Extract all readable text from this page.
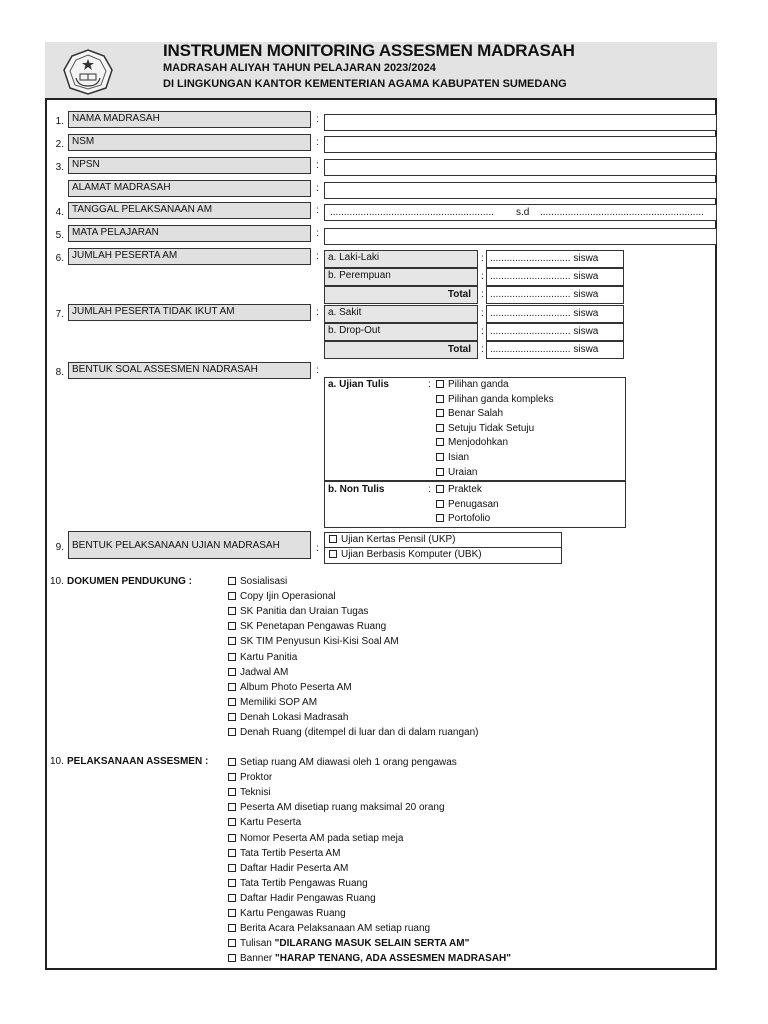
INSTRUMEN MONITORING ASSESMEN MADRASAH
MADRASAH ALIYAH TAHUN PELAJARAN 2023/2024
DI LINGKUNGAN KANTOR KEMENTERIAN AGAMA KABUPATEN SUMEDANG
1. NAMA MADRASAH	:
2. NSM	:
3. NPSN	:
ALAMAT MADRASAH	:
4. TANGGAL PELAKSANAAN AM	: ........................................................... s.d ...........................................................
5. MATA PELAJARAN	:
6. JUMLAH PESERTA AM	: a. Laki-Laki	: ............................. siswa
b. Perempuan	: ............................. siswa
Total	: ............................. siswa
7. JUMLAH PESERTA TIDAK IKUT AM	: a. Sakit	: ............................. siswa
b. Drop-Out	: ............................. siswa
Total	: ............................. siswa
8. BENTUK SOAL ASSESMEN NADRASAH	:
a. Ujian Tulis	:	Pilihan ganda
Pilihan ganda kompleks
Benar Salah
Setuju Tidak Setuju
Menjodohkan
Isian
Uraian
b. Non Tulis	:	Praktek
Penugasan
Portofolio
9. BENTUK PELAKSANAAN UJIAN MADRASAH	:
Ujian Kertas Pensil (UKP)
Ujian Berbasis Komputer (UBK)
10. DOKUMEN PENDUKUNG :	Sosialisasi
Copy Ijin Operasional
SK Panitia dan Uraian Tugas
SK Penetapan Pengawas Ruang
SK TIM Penyusun Kisi-Kisi Soal AM
Kartu Panitia
Jadwal AM
Album Photo Peserta AM
Memiliki SOP AM
Denah Lokasi Madrasah
Denah Ruang (ditempel di luar dan di dalam ruangan)
10. PELAKSANAAN ASSESMEN :	Setiap ruang AM diawasi oleh 1 orang pengawas
Proktor
Teknisi
Peserta AM disetiap ruang maksimal 20 orang
Kartu Peserta
Nomor Peserta AM pada setiap meja
Tata Tertib Peserta AM
Daftar Hadir Peserta AM
Tata Tertib Pengawas Ruang
Daftar Hadir Pengawas Ruang
Kartu Pengawas Ruang
Berita Acara Pelaksanaan AM setiap ruang
Tulisan "DILARANG MASUK SELAIN SERTA AM"
Banner "HARAP TENANG, ADA ASSESMEN MADRASAH"
